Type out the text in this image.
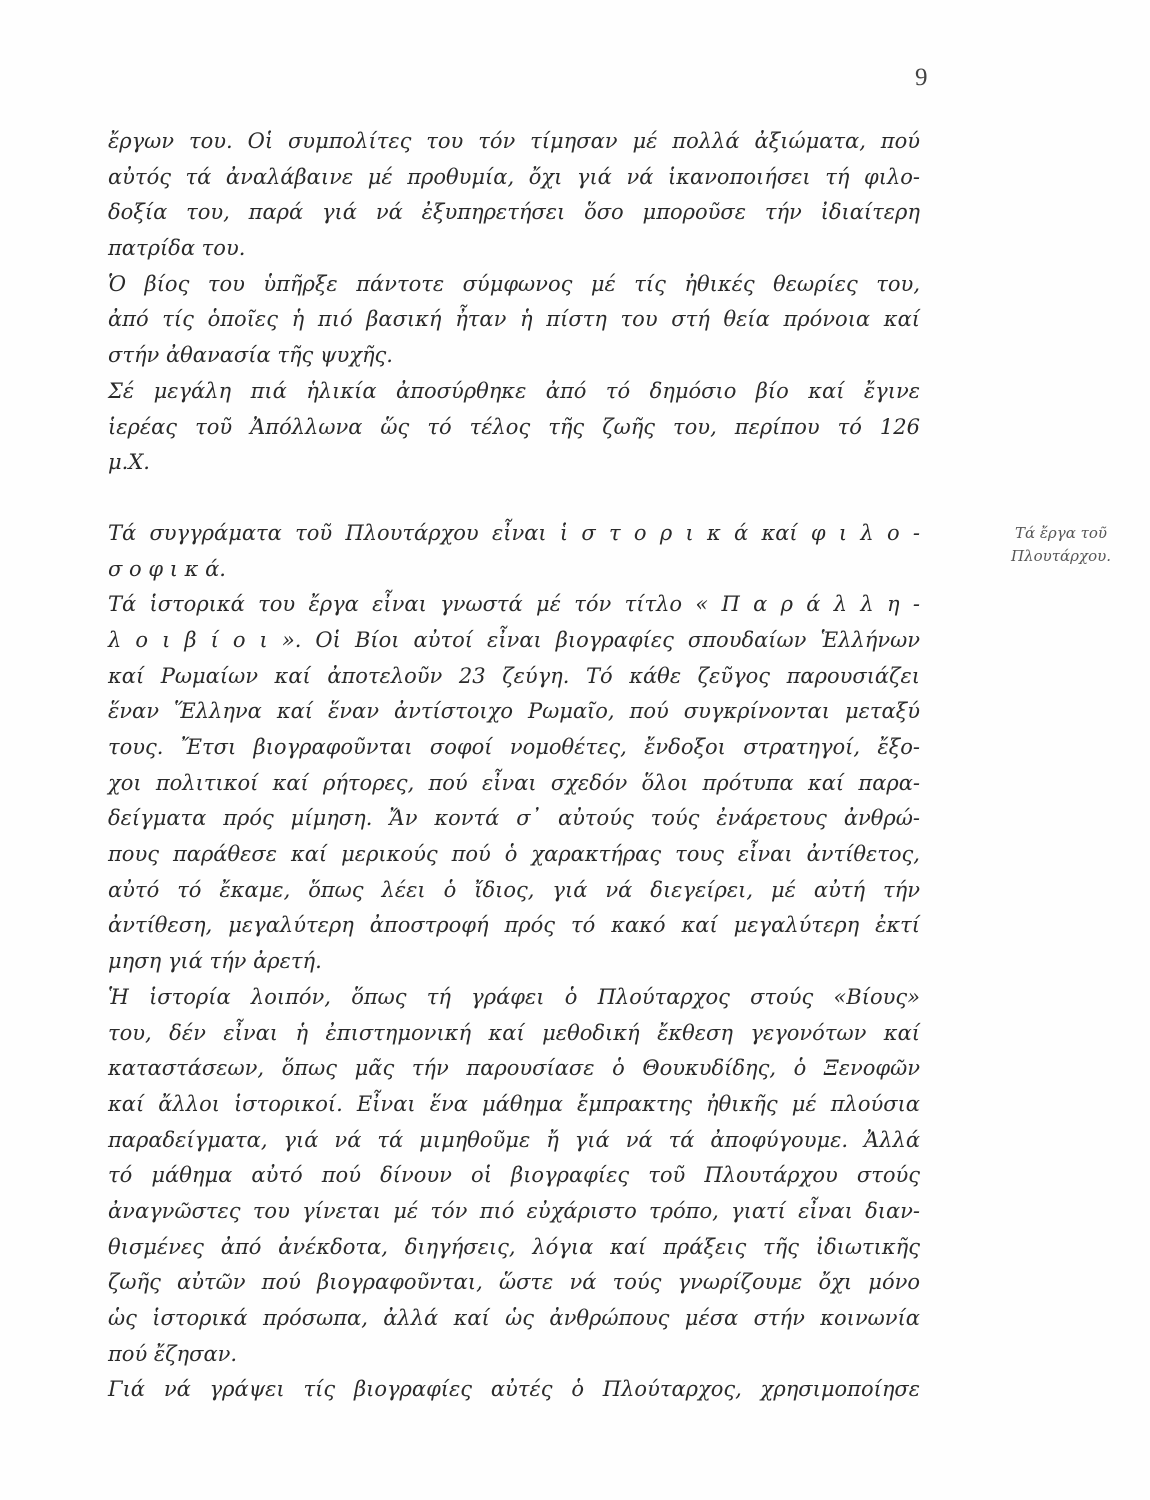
9
ἔργων του. Οἱ συμπολίτες του τόν τίμησαν μέ πολλά ἀξιώματα, πού
αὐτός τά ἀναλάβαινε μέ προθυμία, ὄχι γιά νά ἱκανοποιήσει τή φιλο-
δοξία του, παρά γιά νά ἐξυπηρετήσει ὅσο μποροῦσε τήν ἰδιαίτερη
πατρίδα του.
Ὁ βίος του ὑπῆρξε πάντοτε σύμφωνος μέ τίς ἠθικές θεωρίες του,
ἀπό τίς ὁποῖες ἡ πιό βασική ἦταν ἡ πίστη του στή θεία πρόνοια καί
στήν ἀθανασία τῆς ψυχῆς.
Σέ μεγάλη πιά ἡλικία ἀποσύρθηκε ἀπό τό δημόσιο βίο καί ἔγινε
ἱερέας τοῦ Ἀπόλλωνα ὥς τό τέλος τῆς ζωῆς του, περίπου τό 126
μ.Χ.
Τά συγγράματα τοῦ Πλουτάρχου εἶναι ἱ σ τ ο ρ ι κ ά καί φ ι λ ο -
σ ο φ ι κ ά.
Τά ἱστορικά του ἔργα εἶναι γνωστά μέ τόν τίτλο « Π α ρ ά λ λ η -
λ ο ι β ί ο ι ». Οἱ Βίοι αὐτοί εἶναι βιογραφίες σπουδαίων Ἑλλήνων
καί Ρωμαίων καί ἀποτελοῦν 23 ζεύγη. Τό κάθε ζεῦγος παρουσιάζει
ἕναν Ἕλληνα καί ἕναν ἀντίστοιχο Ρωμαῖο, πού συγκρίνονται μεταξύ
τους. Ἔτσι βιογραφοῦνται σοφοί νομοθέτες, ἔνδοξοι στρατηγοί, ἔξο-
χοι πολιτικοί καί ρήτορες, πού εἶναι σχεδόν ὅλοι πρότυπα καί παρα-
δείγματα πρός μίμηση. Ἄν κοντά σ᾽ αὐτούς τούς ἐνάρετους ἀνθρώ-
πους παράθεσε καί μερικούς πού ὁ χαρακτήρας τους εἶναι ἀντίθετος,
αὐτό τό ἔκαμε, ὅπως λέει ὁ ἴδιος, γιά νά διεγείρει, μέ αὐτή τήν
ἀντίθεση, μεγαλύτερη ἀποστροφή πρός τό κακό καί μεγαλύτερη ἐκτί
μηση γιά τήν ἀρετή.
Ἡ ἱστορία λοιπόν, ὅπως τή γράφει ὁ Πλούταρχος στούς «Βίους»
του, δέν εἶναι ἡ ἐπιστημονική καί μεθοδική ἔκθεση γεγονότων καί
καταστάσεων, ὅπως μᾶς τήν παρουσίασε ὁ Θουκυδίδης, ὁ Ξενοφῶν
καί ἄλλοι ἱστορικοί. Εἶναι ἕνα μάθημα ἔμπρακτης ἠθικῆς μέ πλούσια
παραδείγματα, γιά νά τά μιμηθοῦμε ἤ γιά νά τά ἀποφύγουμε. Ἀλλά
τό μάθημα αὐτό πού δίνουν οἱ βιογραφίες τοῦ Πλουτάρχου στούς
ἀναγνῶστες του γίνεται μέ τόν πιό εὐχάριστο τρόπο, γιατί εἶναι διαν-
θισμένες ἀπό ἀνέκδοτα, διηγήσεις, λόγια καί πράξεις τῆς ἰδιωτικῆς
ζωῆς αὐτῶν πού βιογραφοῦνται, ὥστε νά τούς γνωρίζουμε ὄχι μόνο
ὡς ἱστορικά πρόσωπα, ἀλλά καί ὡς ἀνθρώπους μέσα στήν κοινωνία
πού ἔζησαν.
Γιά νά γράψει τίς βιογραφίες αὐτές ὁ Πλούταρχος, χρησιμοποίησε
Τά ἔργα τοῦ
Πλουτάρχου.
